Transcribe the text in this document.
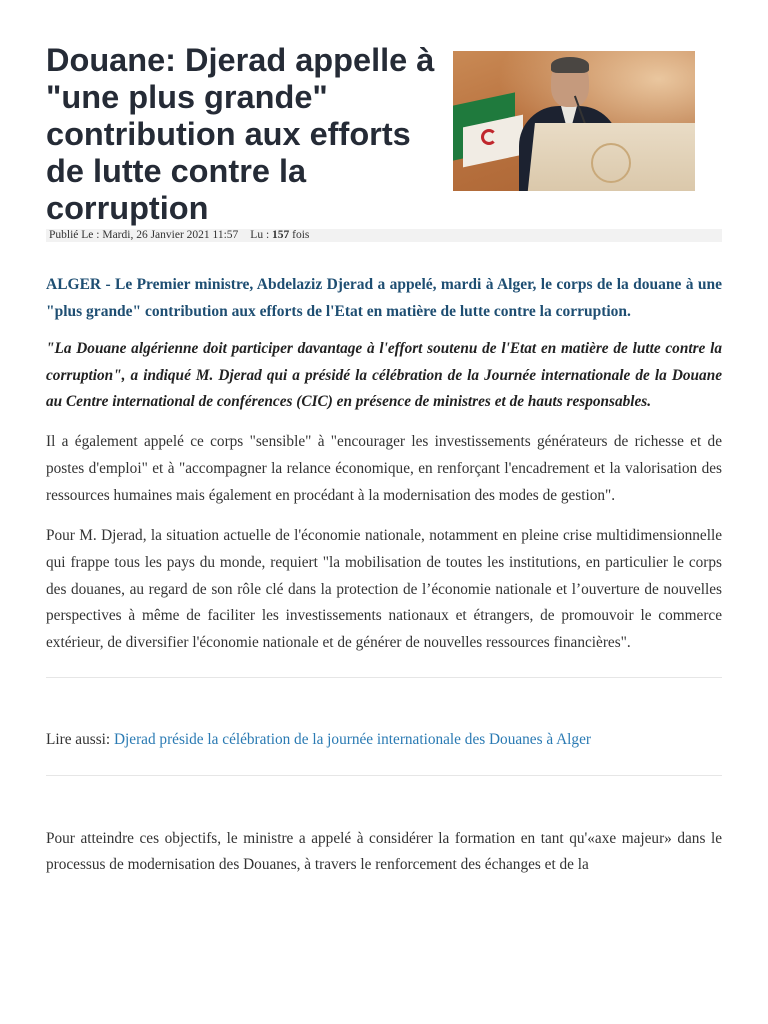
Douane: Djerad appelle à "une plus grande" contribution aux efforts de lutte contre la corruption
Publié Le : Mardi, 26 Janvier 2021 11:57 Lu : 157 fois

ALGER - Le Premier ministre, Abdelaziz Djerad a appelé, mardi à Alger, le corps de la douane à une "plus grande" contribution aux efforts de l'Etat en matière de lutte contre la corruption.

"La Douane algérienne doit participer davantage à l'effort soutenu de l'Etat en matière de lutte contre la corruption", a indiqué M. Djerad qui a présidé la célébration de la Journée internationale de la Douane au Centre international de conférences (CIC) en présence de ministres et de hauts responsables.

Il a également appelé ce corps "sensible" à "encourager les investissements générateurs de richesse et de postes d'emploi" et à "accompagner la relance économique, en renforçant l'encadrement et la valorisation des ressources humaines mais également en procédant à la modernisation des modes de gestion".

Pour M. Djerad, la situation actuelle de l'économie nationale, notamment en pleine crise multidimensionnelle qui frappe tous les pays du monde, requiert "la mobilisation de toutes les institutions, en particulier le corps des douanes, au regard de son rôle clé dans la protection de l’économie nationale et l’ouverture de nouvelles perspectives à même de faciliter les investissements nationaux et étrangers, de promouvoir le commerce extérieur, de diversifier l'économie nationale et de générer de nouvelles ressources financières".

Lire aussi: Djerad préside la célébration de la journée internationale des Douanes à Alger

Pour atteindre ces objectifs, le ministre a appelé à considérer la formation en tant qu'«axe majeur» dans le processus de modernisation des Douanes, à travers le renforcement des échanges et de la
